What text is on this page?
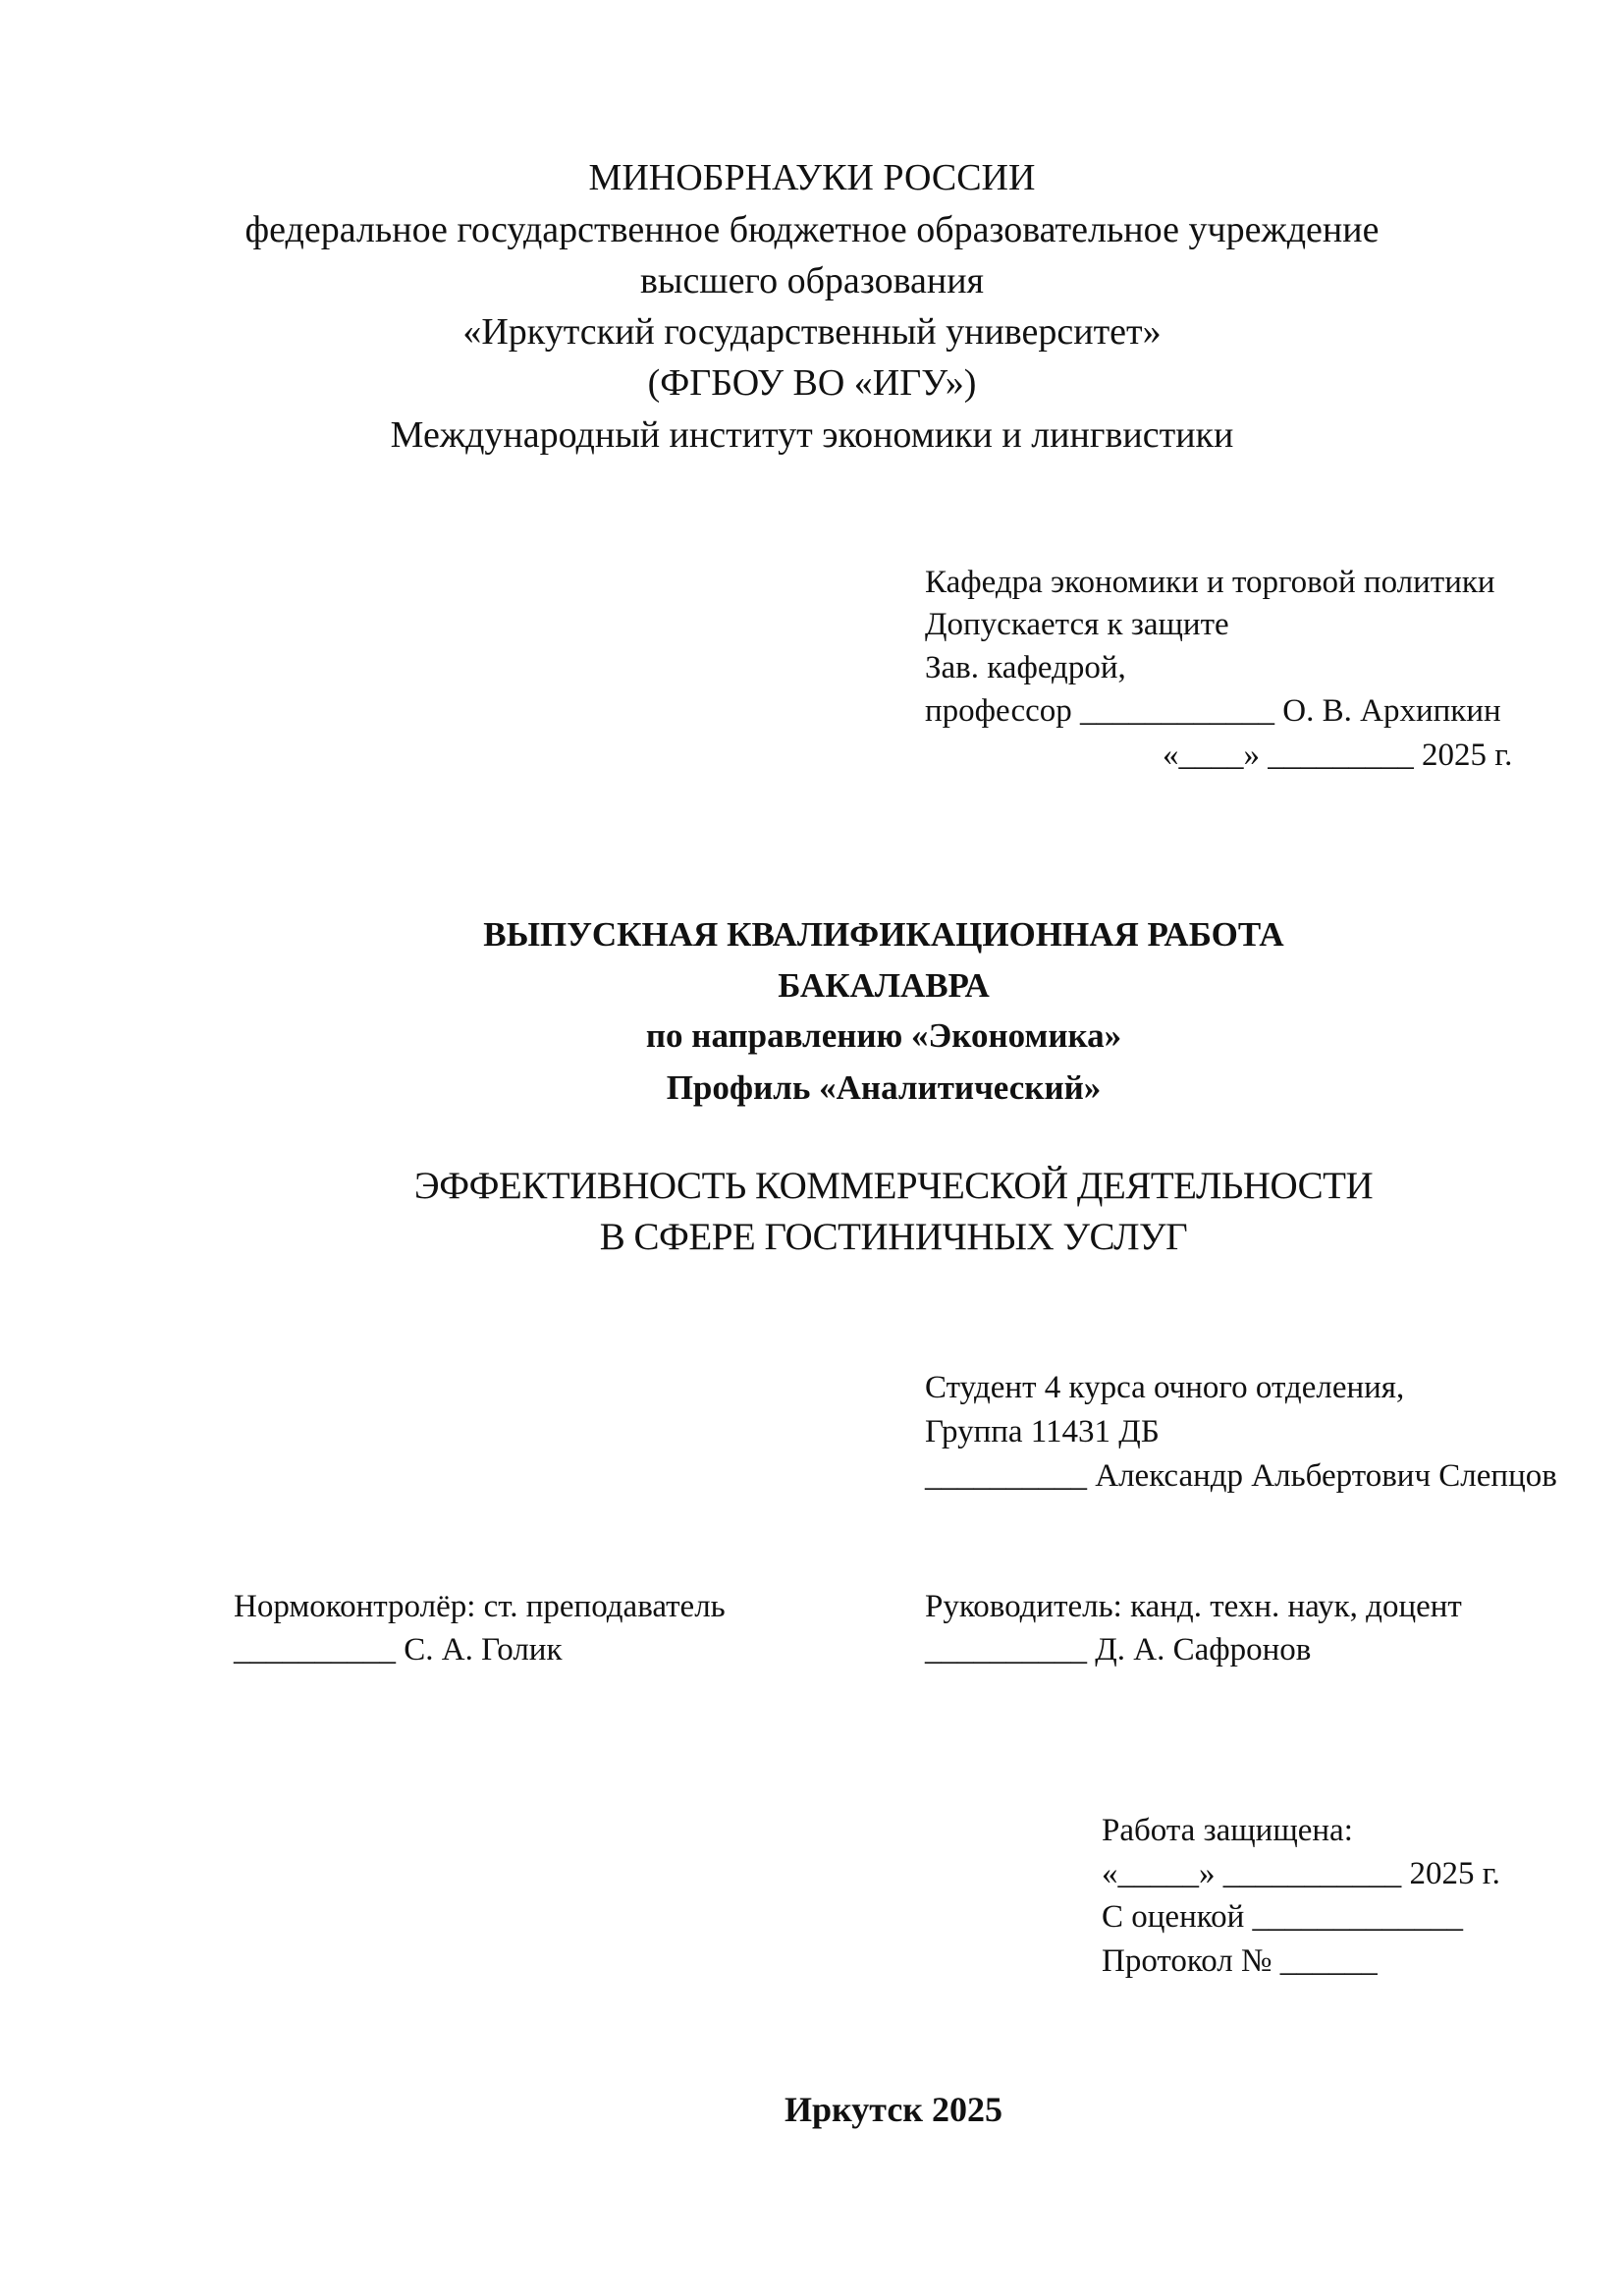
МИНОБРНАУКИ РОССИИ
федеральное государственное бюджетное образовательное учреждение
высшего образования
«Иркутский государственный университет»
(ФГБОУ ВО «ИГУ»)
Международный институт экономики и лингвистики
Кафедра экономики и торговой политики
Допускается к защите
Зав. кафедрой,
профессор ____________ О. В. Архипкин
«____» _________ 2025 г.
ВЫПУСКНАЯ КВАЛИФИКАЦИОННАЯ РАБОТА
БАКАЛАВРА
по направлению «Экономика»
Профиль «Аналитический»
ЭФФЕКТИВНОСТЬ КОММЕРЧЕСКОЙ ДЕЯТЕЛЬНОСТИ
В СФЕРЕ ГОСТИНИЧНЫХ УСЛУГ
Студент 4 курса очного отделения,
Группа 11431 ДБ
__________ Александр Альбертович Слепцов
Нормоконтролёр: ст. преподаватель
__________ С. А. Голик
Руководитель: канд. техн. наук, доцент
__________ Д. А. Сафронов
Работа защищена:
«_____» ___________ 2025 г.
С оценкой _____________
Протокол № ______
Иркутск 2025
